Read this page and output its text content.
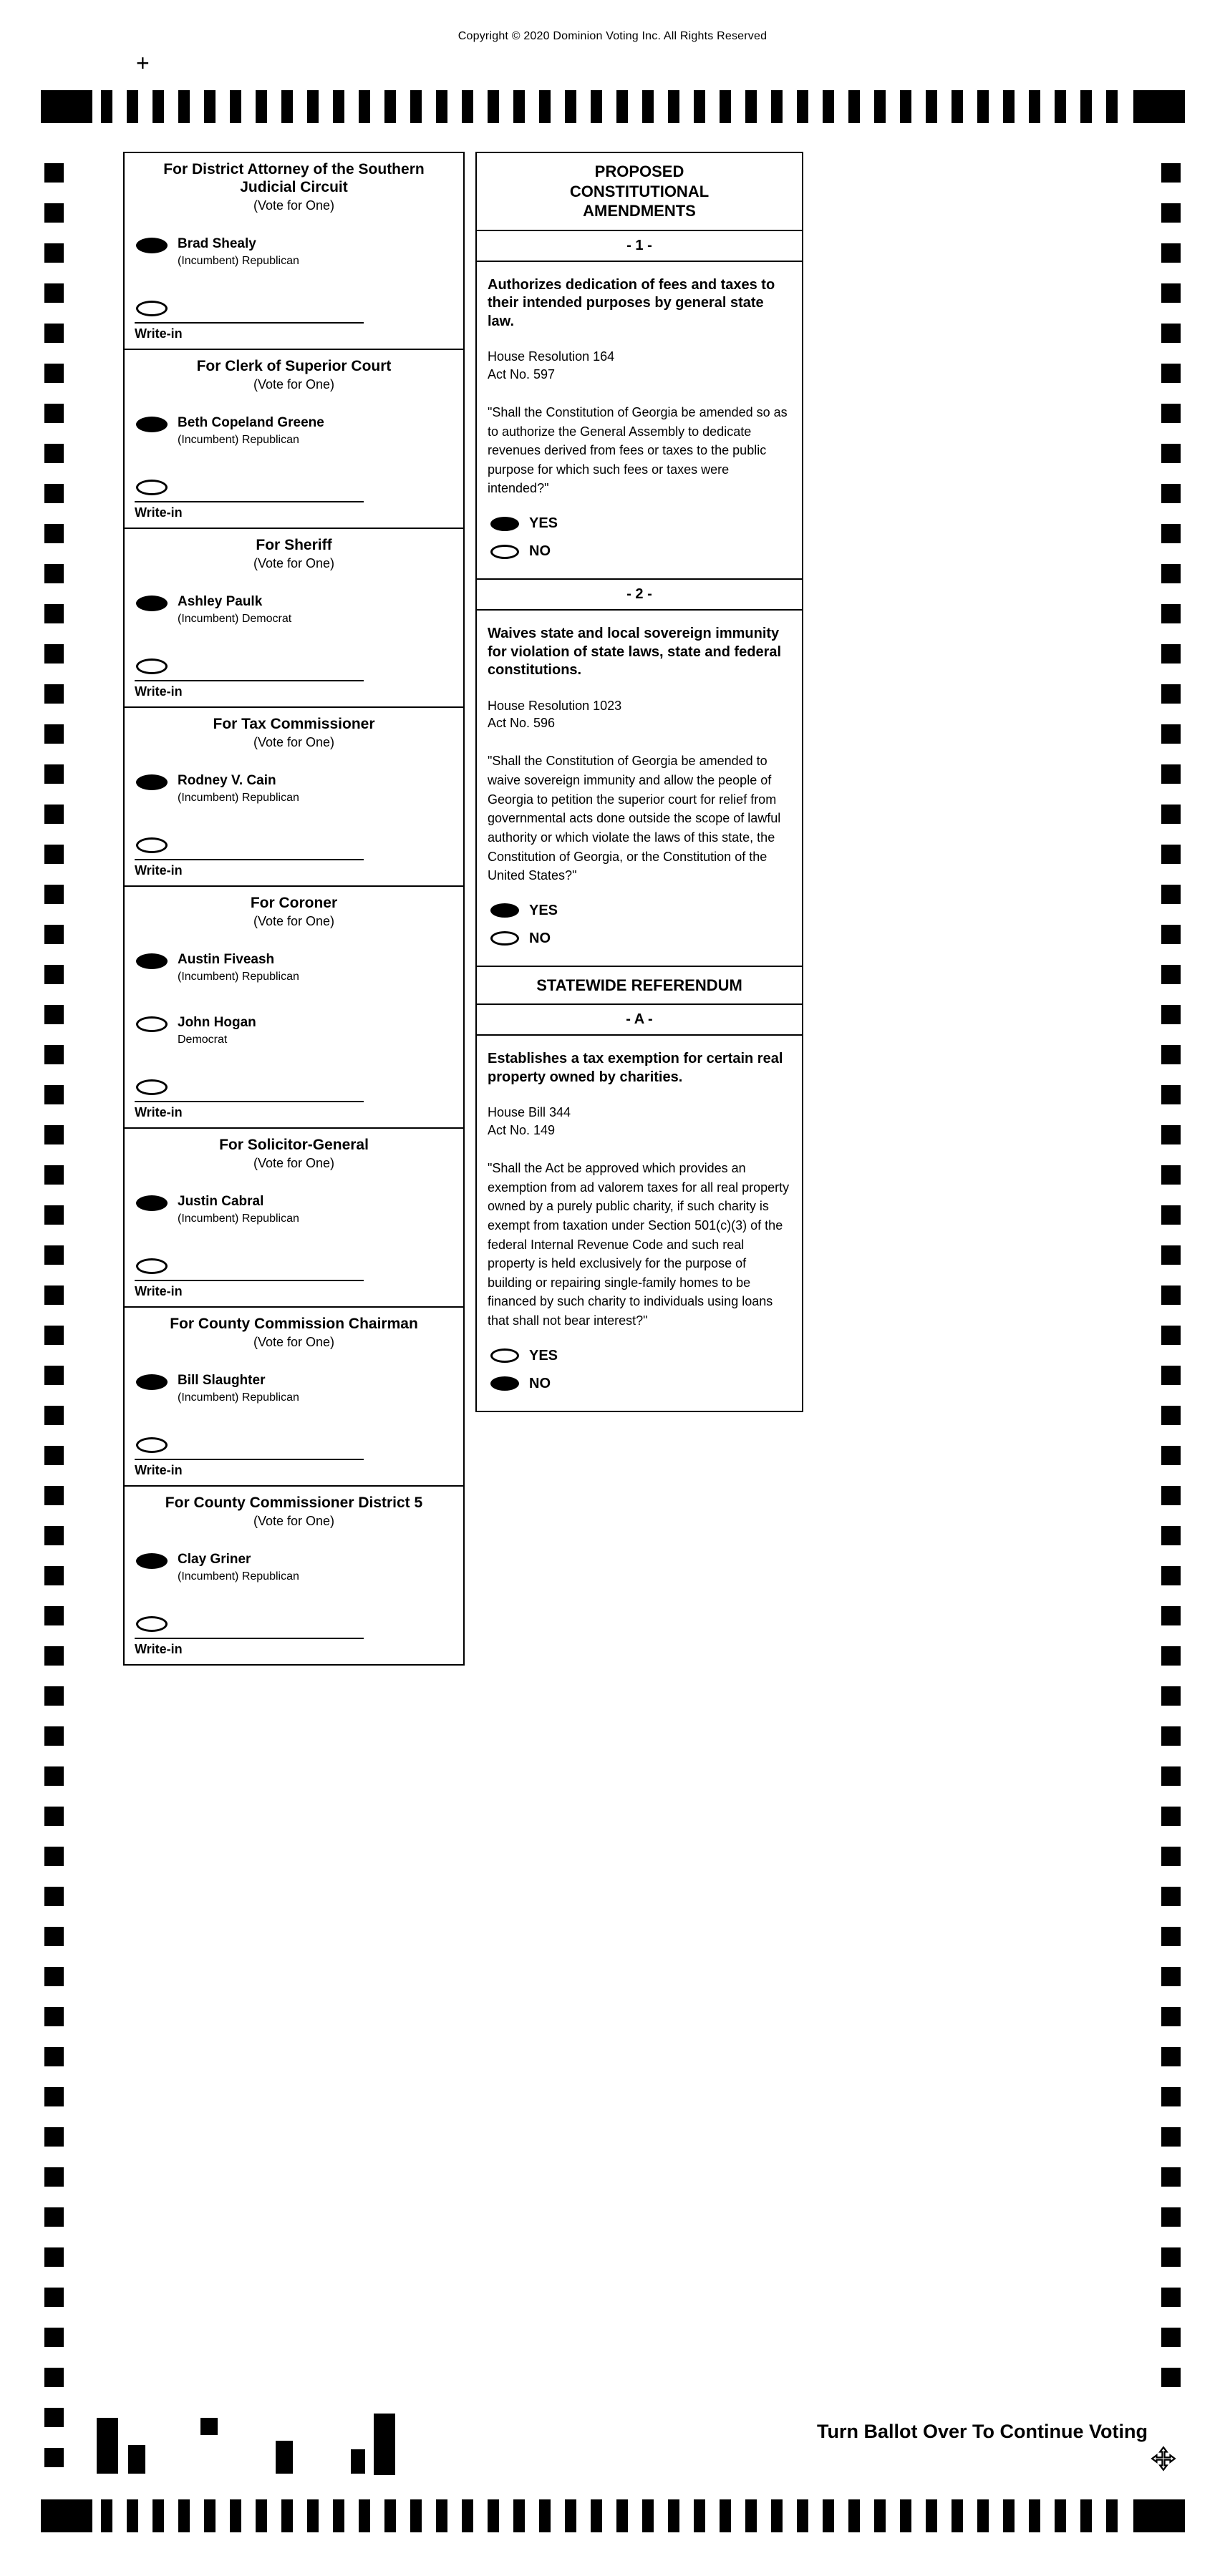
Copyright © 2020 Dominion Voting Inc. All Rights Reserved
+
For District Attorney of the Southern Judicial Circuit
(Vote for One)
Brad Shealy
(Incumbent) Republican
Write-in
For Clerk of Superior Court
(Vote for One)
Beth Copeland Greene
(Incumbent) Republican
Write-in
For Sheriff
(Vote for One)
Ashley Paulk
(Incumbent) Democrat
Write-in
For Tax Commissioner
(Vote for One)
Rodney V. Cain
(Incumbent) Republican
Write-in
For Coroner
(Vote for One)
Austin Fiveash
(Incumbent) Republican
John Hogan
Democrat
Write-in
For Solicitor-General
(Vote for One)
Justin Cabral
(Incumbent) Republican
Write-in
For County Commission Chairman
(Vote for One)
Bill Slaughter
(Incumbent) Republican
Write-in
For County Commissioner District 5
(Vote for One)
Clay Griner
(Incumbent) Republican
Write-in
PROPOSED CONSTITUTIONAL AMENDMENTS
- 1 -
Authorizes dedication of fees and taxes to their intended purposes by general state law.
House Resolution 164
Act No. 597
"Shall the Constitution of Georgia be amended so as to authorize the General Assembly to dedicate revenues derived from fees or taxes to the public purpose for which such fees or taxes were intended?"
YES
NO
- 2 -
Waives state and local sovereign immunity for violation of state laws, state and federal constitutions.
House Resolution 1023
Act No. 596
"Shall the Constitution of Georgia be amended to waive sovereign immunity and allow the people of Georgia to petition the superior court for relief from governmental acts done outside the scope of lawful authority or which violate the laws of this state, the Constitution of Georgia, or the Constitution of the United States?"
YES
NO
STATEWIDE REFERENDUM
- A -
Establishes a tax exemption for certain real property owned by charities.
House Bill 344
Act No. 149
"Shall the Act be approved which provides an exemption from ad valorem taxes for all real property owned by a purely public charity, if such charity is exempt from taxation under Section 501(c)(3) of the federal Internal Revenue Code and such real property is held exclusively for the purpose of building or repairing single-family homes to be financed by such charity to individuals using loans that shall not bear interest?"
YES
NO
Turn Ballot Over To Continue Voting
